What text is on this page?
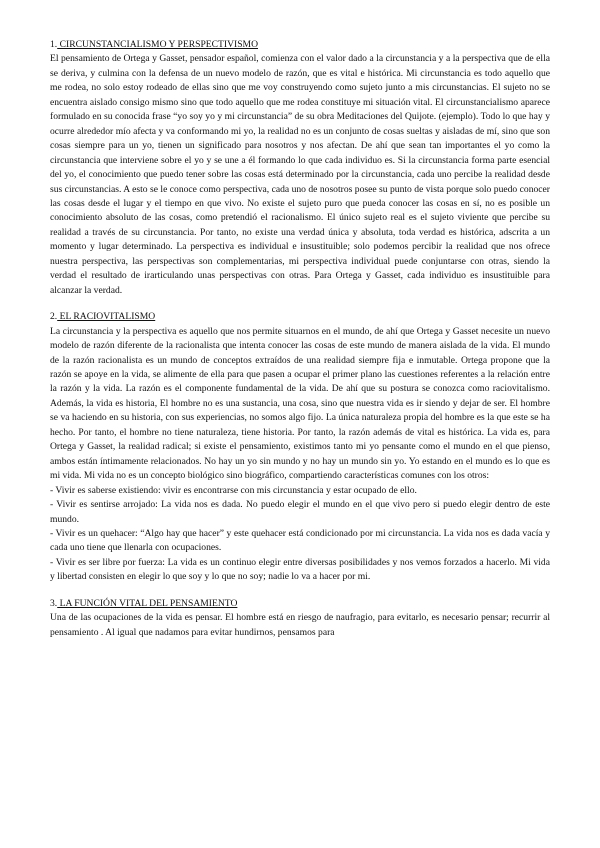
1. CIRCUNSTANCIALISMO Y PERSPECTIVISMO

El pensamiento de Ortega y Gasset, pensador español, comienza con el valor dado a la circunstancia y a la perspectiva que de ella se deriva, y culmina con la defensa de un nuevo modelo de razón, que es vital e histórica. Mi circunstancia es todo aquello que me rodea, no solo estoy rodeado de ellas sino que me voy construyendo como sujeto junto a mis circunstancias. El sujeto no se encuentra aislado consigo mismo sino que todo aquello que me rodea constituye mi situación vital. El circunstancialismo aparece formulado en su conocida frase “yo soy yo y mi circunstancia” de su obra Meditaciones del Quijote. (ejemplo). Todo lo que hay y ocurre alrededor mío afecta y va conformando mi yo, la realidad no es un conjunto de cosas sueltas y aisladas de mí, sino que son cosas siempre para un yo, tienen un significado para nosotros y nos afectan. De ahí que sean tan importantes el yo como la circunstancia que interviene sobre el yo y se une a él formando lo que cada individuo es. Si la circunstancia forma parte esencial del yo, el conocimiento que puedo tener sobre las cosas está determinado por la circunstancia, cada uno percibe la realidad desde sus circunstancias. A esto se le conoce como perspectiva, cada uno de nosotros posee su punto de vista porque solo puedo conocer las cosas desde el lugar y el tiempo en que vivo. No existe el sujeto puro que pueda conocer las cosas en sí, no es posible un conocimiento absoluto de las cosas, como pretendió el racionalismo. El único sujeto real es el sujeto viviente que percibe su realidad a través de su circunstancia. Por tanto, no existe una verdad única y absoluta, toda verdad es histórica, adscrita a un momento y lugar determinado. La perspectiva es individual e insustituible; solo podemos percibir la realidad que nos ofrece nuestra perspectiva, las perspectivas son complementarias, mi perspectiva individual puede conjuntarse con otras, siendo la verdad el resultado de irarticulando unas perspectivas con otras. Para Ortega y Gasset, cada individuo es insustituible para alcanzar la verdad.

2. EL RACIOVITALISMO

La circunstancia y la perspectiva es aquello que nos permite situarnos en el mundo, de ahí que Ortega y Gasset necesite un nuevo modelo de razón diferente de la racionalista que intenta conocer las cosas de este mundo de manera aislada de la vida. El mundo de la razón racionalista es un mundo de conceptos extraídos de una realidad siempre fija e inmutable. Ortega propone que la razón se apoye en la vida, se alimente de ella para que pasen a ocupar el primer plano las cuestiones referentes a la relación entre la razón y la vida. La razón es el componente fundamental de la vida. De ahí que su postura se conozca como raciovitalismo. Además, la vida es historia, El hombre no es una sustancia, una cosa, sino que nuestra vida es ir siendo y dejar de ser. El hombre se va haciendo en su historia, con sus experiencias, no somos algo fijo. La única naturaleza propia del hombre es la que este se ha hecho. Por tanto, el hombre no tiene naturaleza, tiene historia. Por tanto, la razón además de vital es histórica. La vida es, para Ortega y Gasset, la realidad radical; si existe el pensamiento, existimos tanto mi yo pensante como el mundo en el que pienso, ambos están íntimamente relacionados. No hay un yo sin mundo y no hay un mundo sin yo. Yo estando en el mundo es lo que es mi vida. Mi vida no es un concepto biológico sino biográfico, compartiendo características comunes con los otros:

- Vivir es saberse existiendo: vivir es encontrarse con mis circunstancia y estar ocupado de ello.

- Vivir es sentirse arrojado: La vida nos es dada. No puedo elegir el mundo en el que vivo pero si puedo elegir dentro de este mundo.

- Vivir es un quehacer: “Algo hay que hacer” y este quehacer está condicionado por mi circunstancia. La vida nos es dada vacía y cada uno tiene que llenarla con ocupaciones.

- Vivir es ser libre por fuerza: La vida es un continuo elegir entre diversas posibilidades y nos vemos forzados a hacerlo. Mi vida y libertad consisten en elegir lo que soy y lo que no soy; nadie lo va a hacer por mi.

3. LA FUNCIÓN VITAL DEL PENSAMIENTO

Una de las ocupaciones de la vida es pensar. El hombre está en riesgo de naufragio, para evitarlo, es necesario pensar; recurrir al pensamiento . Al igual que nadamos para evitar hundirnos, pensamos para
